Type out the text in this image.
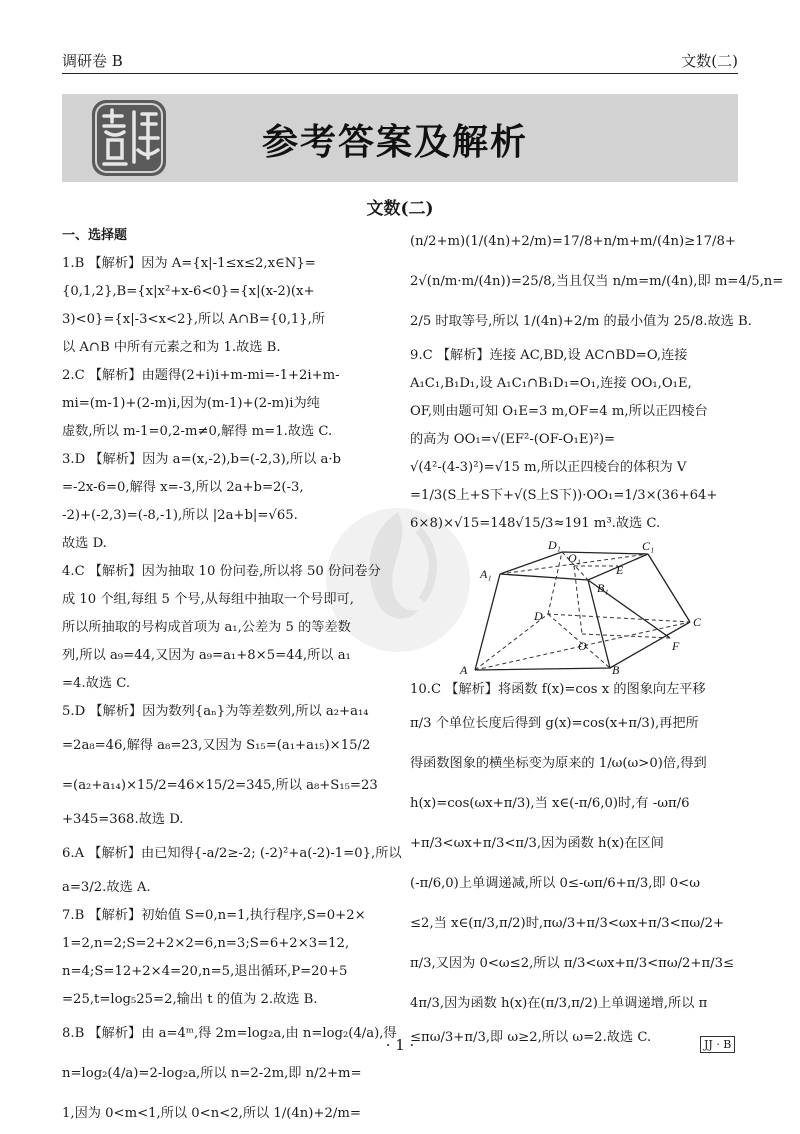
调研卷 B	文数(二)
参考答案及解析
文数(二)
一、选择题
1.B 【解析】因为 A={x|-1≤x≤2,x∈N}=
{0,1,2},B={x|x²+x-6<0}={x|(x-2)(x+
3)<0}={x|-3<x<2},所以 A∩B={0,1},所
以 A∩B 中所有元素之和为 1.故选 B.
2.C 【解析】由题得(2+i)i+m-mi=-1+2i+m-
mi=(m-1)+(2-m)i,因为(m-1)+(2-m)i为纯
虚数,所以 m-1=0,2-m≠0,解得 m=1.故选 C.
3.D 【解析】因为 a=(x,-2),b=(-2,3),所以 a·b
=-2x-6=0,解得 x=-3,所以 2a+b=2(-3,
-2)+(-2,3)=(-8,-1),所以 |2a+b|=√65.
故选 D.
4.C 【解析】因为抽取 10 份问卷,所以将 50 份问卷分
成 10 个组,每组 5 个号,从每组中抽取一个号即可,
所以所抽取的号构成首项为 a₁,公差为 5 的等差数
列,所以 a₉=44,又因为 a₉=a₁+8×5=44,所以 a₁
=4.故选 C.
5.D 【解析】因为数列{aₙ}为等差数列,所以 a₂+a₁₄
=2a₈=46,解得 a₈=23,又因为 S₁₅=(a₁+a₁₅)×15/2
=(a₂+a₁₄)×15/2=46×15/2=345,所以 a₈+S₁₅=23
+345=368.故选 D.
6.A 【解析】由已知得{-a/2≥-2; (-2)²+a(-2)-1=0},所以
a=3/2.故选 A.
7.B 【解析】初始值 S=0,n=1,执行程序,S=0+2×
1=2,n=2;S=2+2×2=6,n=3;S=6+2×3=12,
n=4;S=12+2×4=20,n=5,退出循环,P=20+5
=25,t=log₅25=2,输出 t 的值为 2.故选 B.
8.B 【解析】由 a=4ᵐ,得 2m=log₂a,由 n=log₂(4/a),得
n=log₂(4/a)=2-log₂a,所以 n=2-2m,即 n/2+m=
1,因为 0<m<1,所以 0<n<2,所以 1/(4n)+2/m=
(n/2+m)(1/(4n)+2/m)=17/8+n/m+m/(4n)≥17/8+
2√(n/m·m/(4n))=25/8,当且仅当 n/m=m/(4n),即 m=4/5,n=
2/5 时取等号,所以 1/(4n)+2/m 的最小值为 25/8.故选 B.
9.C 【解析】连接 AC,BD,设 AC∩BD=O,连接
A₁C₁,B₁D₁,设 A₁C₁∩B₁D₁=O₁,连接 OO₁,O₁E,
OF,则由题可知 O₁E=3 m,OF=4 m,所以正四棱台
的高为 OO₁=√(EF²-(OF-O₁E)²)=
√(4²-(4-3)²)=√15 m,所以正四棱台的体积为 V
=1/3(S上+S下+√(S上S下))·OO₁=1/3×(36+64+
6×8)×√15=148√15/3≈191 m³.故选 C.
D₁
O₁
C₁
A₁
B₁
E
D	C
O	F
A	B
10.C 【解析】将函数 f(x)=cos x 的图象向左平移
π/3 个单位长度后得到 g(x)=cos(x+π/3),再把所
得函数图象的横坐标变为原来的 1/ω(ω>0)倍,得到
h(x)=cos(ωx+π/3),当 x∈(-π/6,0)时,有 -ωπ/6
+π/3<ωx+π/3<π/3,因为函数 h(x)在区间
(-π/6,0)上单调递减,所以 0≤-ωπ/6+π/3,即 0<ω
≤2,当 x∈(π/3,π/2)时,πω/3+π/3<ωx+π/3<πω/2+
π/3,又因为 0<ω≤2,所以 π/3<ωx+π/3<πω/2+π/3≤
4π/3,因为函数 h(x)在(π/3,π/2)上单调递增,所以 π
≤πω/3+π/3,即 ω≥2,所以 ω=2.故选 C.
· 1 ·	JJ · B
